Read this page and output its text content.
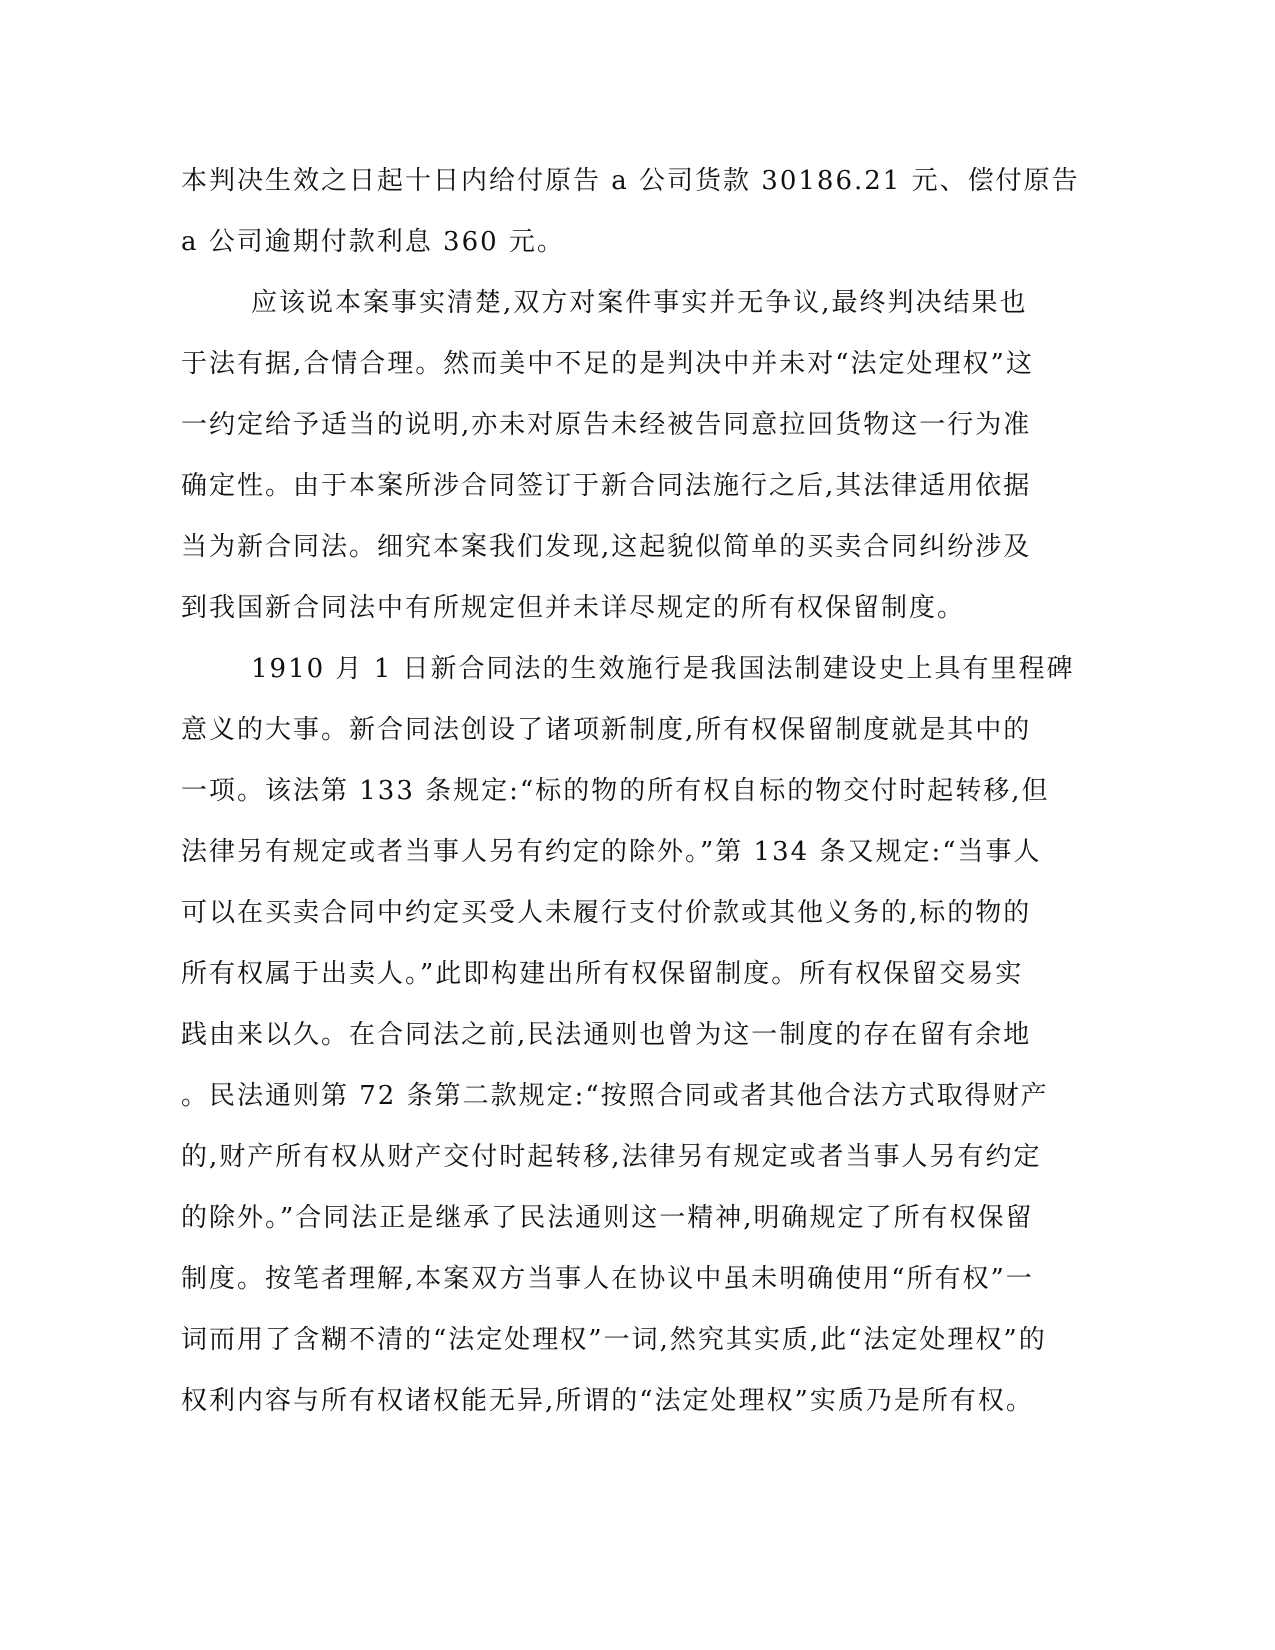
本判决生效之日起十日内给付原告 a 公司货款 30186.21 元、偿付原告
a 公司逾期付款利息 360 元。
应该说本案事实清楚,双方对案件事实并无争议,最终判决结果也
于法有据,合情合理。然而美中不足的是判决中并未对“法定处理权”这
一约定给予适当的说明,亦未对原告未经被告同意拉回货物这一行为准
确定性。由于本案所涉合同签订于新合同法施行之后,其法律适用依据
当为新合同法。细究本案我们发现,这起貌似简单的买卖合同纠纷涉及
到我国新合同法中有所规定但并未详尽规定的所有权保留制度。
1910 月 1 日新合同法的生效施行是我国法制建设史上具有里程碑
意义的大事。新合同法创设了诸项新制度,所有权保留制度就是其中的
一项。该法第 133 条规定:“标的物的所有权自标的物交付时起转移,但
法律另有规定或者当事人另有约定的除外。”第 134 条又规定:“当事人
可以在买卖合同中约定买受人未履行支付价款或其他义务的,标的物的
所有权属于出卖人。”此即构建出所有权保留制度。所有权保留交易实
践由来以久。在合同法之前,民法通则也曾为这一制度的存在留有余地
。民法通则第 72 条第二款规定:“按照合同或者其他合法方式取得财产
的,财产所有权从财产交付时起转移,法律另有规定或者当事人另有约定
的除外。”合同法正是继承了民法通则这一精神,明确规定了所有权保留
制度。按笔者理解,本案双方当事人在协议中虽未明确使用“所有权”一
词而用了含糊不清的“法定处理权”一词,然究其实质,此“法定处理权”的
权利内容与所有权诸权能无异,所谓的“法定处理权”实质乃是所有权。
